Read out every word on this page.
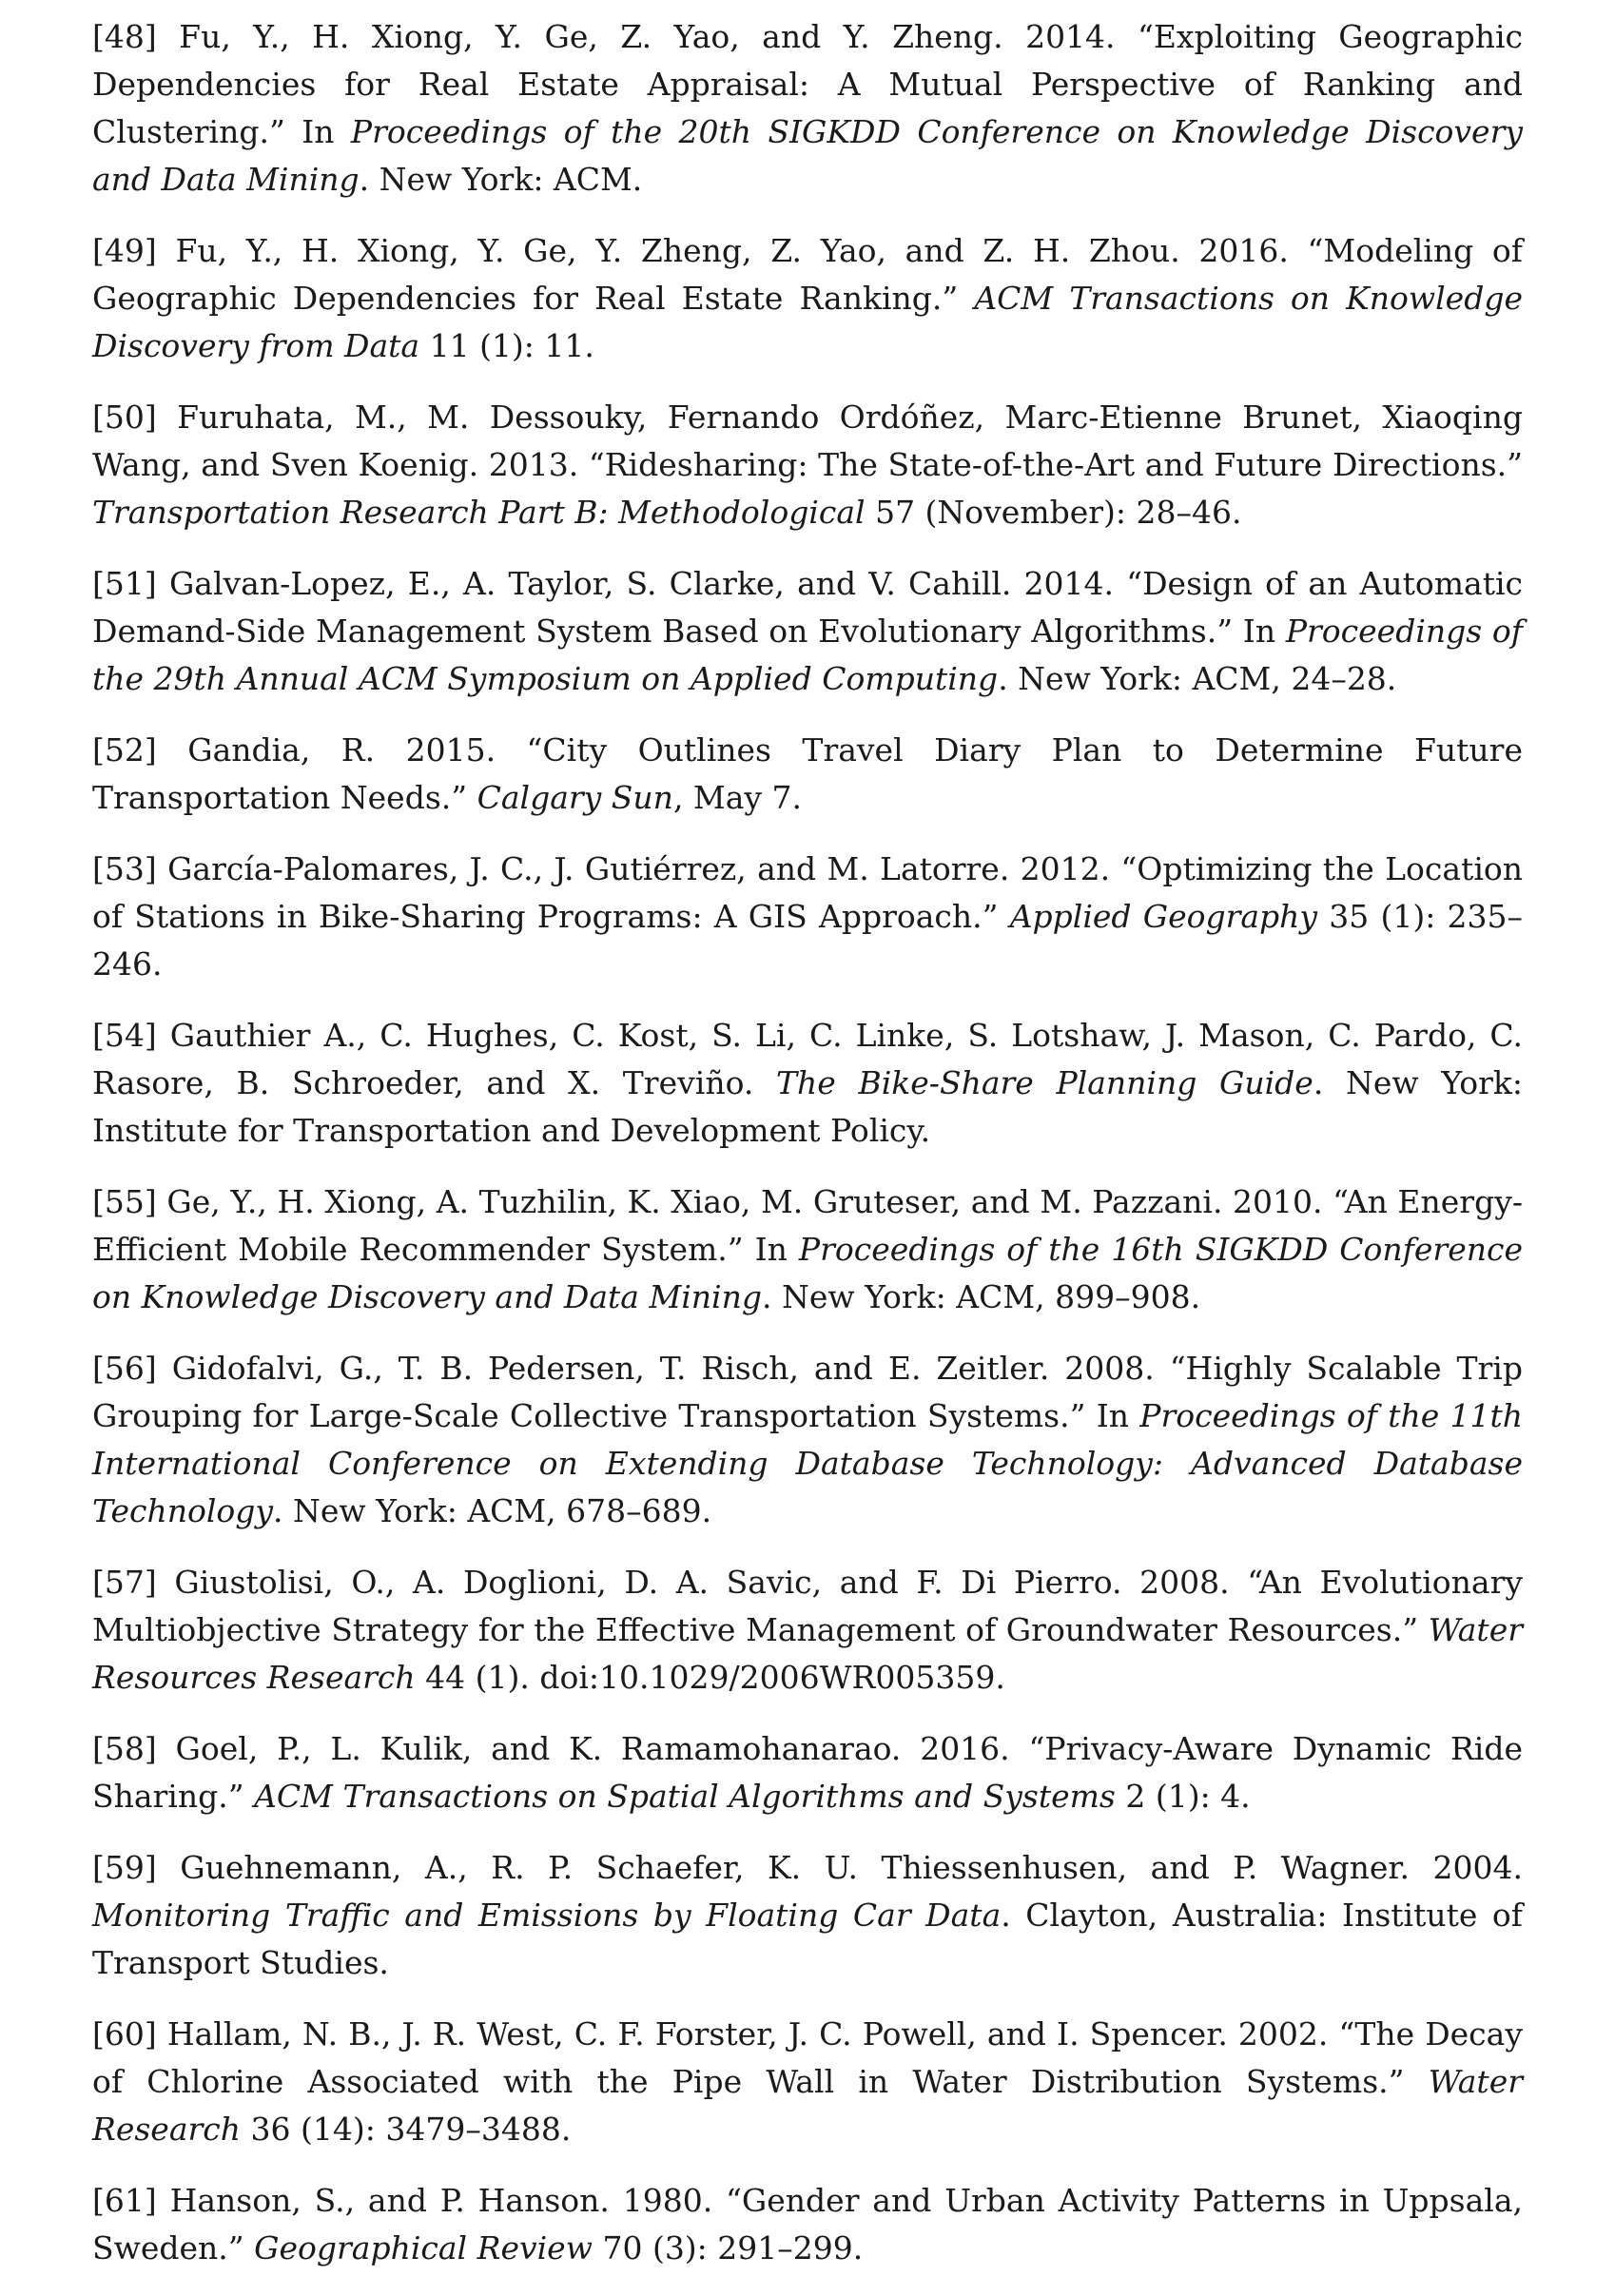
[48] Fu, Y., H. Xiong, Y. Ge, Z. Yao, and Y. Zheng. 2014. “Exploiting Geographic Dependencies for Real Estate Appraisal: A Mutual Perspective of Ranking and Clustering.” In Proceedings of the 20th SIGKDD Conference on Knowledge Discovery and Data Mining. New York: ACM.

[49] Fu, Y., H. Xiong, Y. Ge, Y. Zheng, Z. Yao, and Z. H. Zhou. 2016. “Modeling of Geographic Dependencies for Real Estate Ranking.” ACM Transactions on Knowledge Discovery from Data 11 (1): 11.

[50] Furuhata, M., M. Dessouky, Fernando Ordóñez, Marc-Etienne Brunet, Xiaoqing Wang, and Sven Koenig. 2013. “Ridesharing: The State-of-the-Art and Future Directions.” Transportation Research Part B: Methodological 57 (November): 28–46.

[51] Galvan-Lopez, E., A. Taylor, S. Clarke, and V. Cahill. 2014. “Design of an Automatic Demand-Side Management System Based on Evolutionary Algorithms.” In Proceedings of the 29th Annual ACM Symposium on Applied Computing. New York: ACM, 24–28.

[52] Gandia, R. 2015. “City Outlines Travel Diary Plan to Determine Future Transportation Needs.” Calgary Sun, May 7.

[53] García-Palomares, J. C., J. Gutiérrez, and M. Latorre. 2012. “Optimizing the Location of Stations in Bike-Sharing Programs: A GIS Approach.” Applied Geography 35 (1): 235–246.

[54] Gauthier A., C. Hughes, C. Kost, S. Li, C. Linke, S. Lotshaw, J. Mason, C. Pardo, C. Rasore, B. Schroeder, and X. Treviño. The Bike-Share Planning Guide. New York: Institute for Transportation and Development Policy.

[55] Ge, Y., H. Xiong, A. Tuzhilin, K. Xiao, M. Gruteser, and M. Pazzani. 2010. “An Energy-Efficient Mobile Recommender System.” In Proceedings of the 16th SIGKDD Conference on Knowledge Discovery and Data Mining. New York: ACM, 899–908.

[56] Gidofalvi, G., T. B. Pedersen, T. Risch, and E. Zeitler. 2008. “Highly Scalable Trip Grouping for Large-Scale Collective Transportation Systems.” In Proceedings of the 11th International Conference on Extending Database Technology: Advanced Database Technology. New York: ACM, 678–689.

[57] Giustolisi, O., A. Doglioni, D. A. Savic, and F. Di Pierro. 2008. “An Evolutionary Multiobjective Strategy for the Effective Management of Groundwater Resources.” Water Resources Research 44 (1). doi:10.1029/2006WR005359.

[58] Goel, P., L. Kulik, and K. Ramamohanarao. 2016. “Privacy-Aware Dynamic Ride Sharing.” ACM Transactions on Spatial Algorithms and Systems 2 (1): 4.

[59] Guehnemann, A., R. P. Schaefer, K. U. Thiessenhusen, and P. Wagner. 2004. Monitoring Traffic and Emissions by Floating Car Data. Clayton, Australia: Institute of Transport Studies.

[60] Hallam, N. B., J. R. West, C. F. Forster, J. C. Powell, and I. Spencer. 2002. “The Decay of Chlorine Associated with the Pipe Wall in Water Distribution Systems.” Water Research 36 (14): 3479–3488.

[61] Hanson, S., and P. Hanson. 1980. “Gender and Urban Activity Patterns in Uppsala, Sweden.” Geographical Review 70 (3): 291–299.
